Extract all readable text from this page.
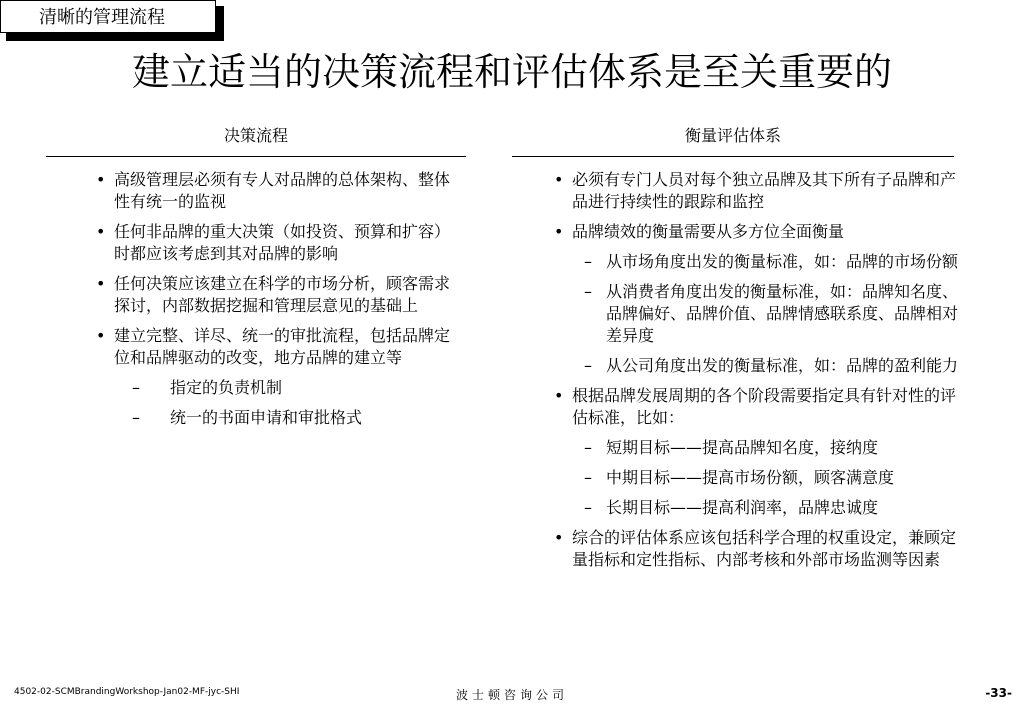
清晰的管理流程
建立适当的决策流程和评估体系是至关重要的
决策流程
• 高级管理层必须有专人对品牌的总体架构、整体性有统一的监视
• 任何非品牌的重大决策（如投资、预算和扩容）时都应该考虑到其对品牌的影响
• 任何决策应该建立在科学的市场分析，顾客需求探讨，内部数据挖掘和管理层意见的基础上
• 建立完整、详尽、统一的审批流程，包括品牌定位和品牌驱动的改变，地方品牌的建立等
– 指定的负责机制
– 统一的书面申请和审批格式
衡量评估体系
• 必须有专门人员对每个独立品牌及其下所有子品牌和产品进行持续性的跟踪和监控
• 品牌绩效的衡量需要从多方位全面衡量
– 从市场角度出发的衡量标准，如：品牌的市场份额
– 从消费者角度出发的衡量标准，如：品牌知名度、品牌偏好、品牌价值、品牌情感联系度、品牌相对差异度
– 从公司角度出发的衡量标准，如：品牌的盈利能力
• 根据品牌发展周期的各个阶段需要指定具有针对性的评估标准，比如：
– 短期目标——提高品牌知名度，接纳度
– 中期目标——提高市场份额，顾客满意度
– 长期目标——提高利润率，品牌忠诚度
• 综合的评估体系应该包括科学合理的权重设定，兼顾定量指标和定性指标、内部考核和外部市场监测等因素
4502-02-SCMBrandingWorkshop-Jan02-MF-jyc-SHI	波士顿咨询公司	-33-
